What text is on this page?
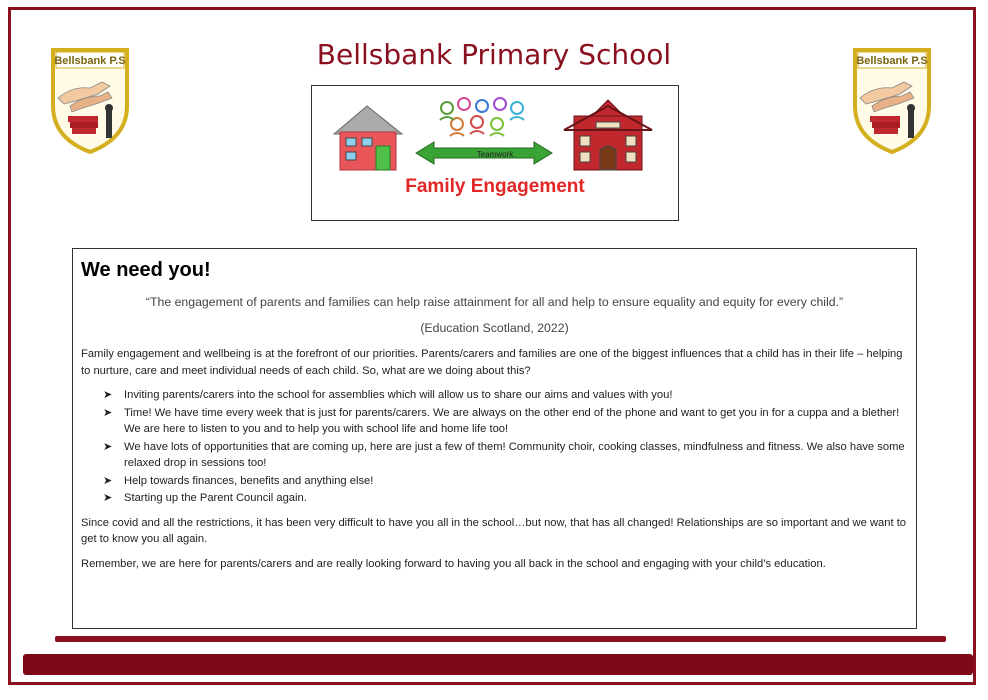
Bellsbank Primary School
Bellsbank P.S	Bellsbank P.S
Teamwork
Family Engagement
We need you!
“The engagement of parents and families can help raise attainment for all and help to ensure equality and equity for every child.”
(Education Scotland, 2022)

Family engagement and wellbeing is at the forefront of our priorities. Parents/carers and families are one of the biggest influences that a child has in their life – helping to nurture, care and meet individual needs of each child. So, what are we doing about this?

➤ Inviting parents/carers into the school for assemblies which will allow us to share our aims and values with you!
➤ Time! We have time every week that is just for parents/carers. We are always on the other end of the phone and want to get you in for a cuppa and a blether! We are here to listen to you and to help you with school life and home life too!
➤ We have lots of opportunities that are coming up, here are just a few of them! Community choir, cooking classes, mindfulness and fitness. We also have some relaxed drop in sessions too!
➤ Help towards finances, benefits and anything else!
➤ Starting up the Parent Council again.

Since covid and all the restrictions, it has been very difficult to have you all in the school…but now, that has all changed! Relationships are so important and we want to get to know you all again.

Remember, we are here for parents/carers and are really looking forward to having you all back in the school and engaging with your child’s education.
